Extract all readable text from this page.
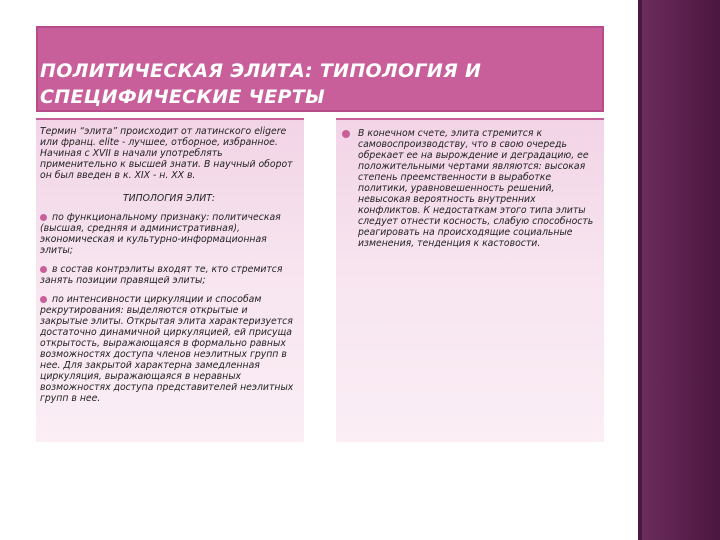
ПОЛИТИЧЕСКАЯ ЭЛИТА: ТИПОЛОГИЯ И СПЕЦИФИЧЕСКИЕ ЧЕРТЫ

Термин “элита” происходит от латинского eligere или франц. elite - лучшее, отборное, избранное. Начиная с XVII в начали употреблять применительно к высшей знати. В научный оборот он был введен в к. XIX - н. XX в.

ТИПОЛОГИЯ ЭЛИТ:

по функциональному признаку: политическая (высшая, средняя и административная), экономическая и культурно-информационная элиты;

в состав контрэлиты входят те, кто стремится занять позиции правящей элиты;

по интенсивности циркуляции и способам рекрутирования: выделяются открытые и закрытые элиты. Открытая элита характеризуется достаточно динамичной циркуляцией, ей присуща открытость, выражающаяся в формально равных возможностях доступа членов неэлитных групп в нее. Для закрытой характерна замедленная циркуляция, выражающаяся в неравных возможностях доступа представителей неэлитных групп в нее.

В конечном счете, элита стремится к самовоспроизводству, что в свою очередь обрекает ее на вырождение и деградацию, ее положительными чертами являются: высокая степень преемственности в выработке политики, уравновешенность решений, невысокая вероятность внутренних конфликтов. К недостаткам этого типа элиты следует отнести косность, слабую способность реагировать на происходящие социальные изменения, тенденция к кастовости.
